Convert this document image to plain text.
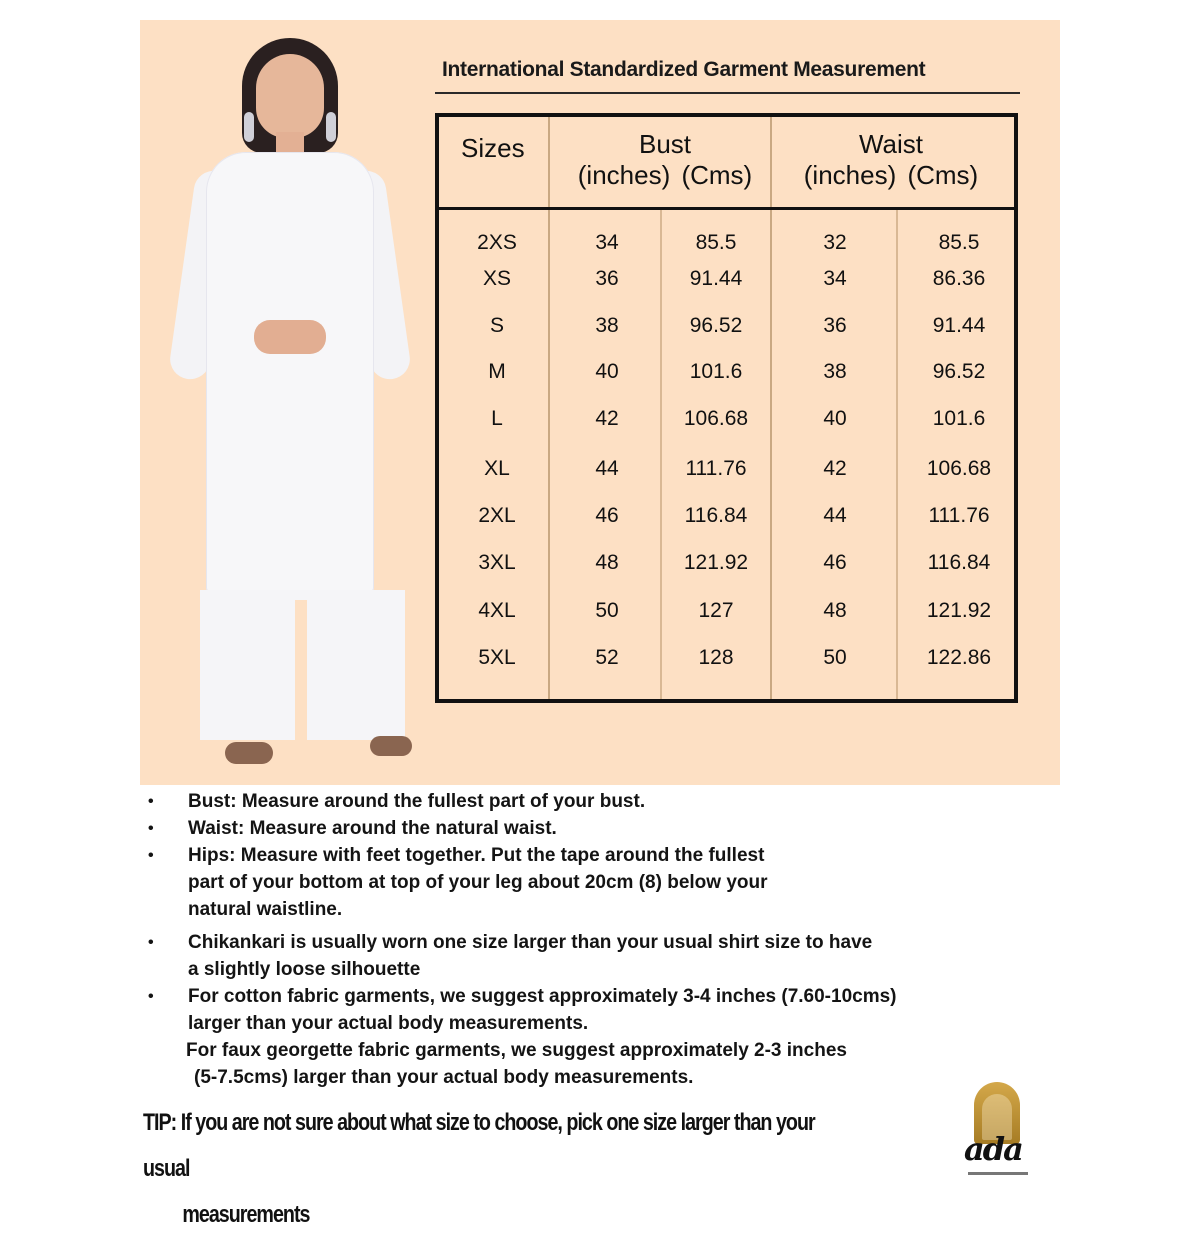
International Standardized Garment Measurement
Sizes	Bust
(inches) (Cms)
Waist
(inches) (Cms)
2XS	34	85.5	32	85.5
XS	36	91.44	34	86.36
S	38	96.52	36	91.44
M	40	101.6	38	96.52
L	42	106.68	40	101.6
XL	44	111.76	42	106.68
2XL	46	116.84	44	111.76
3XL	48	121.92	46	116.84
4XL	50	127	48	121.92
5XL	52	128	50	122.86
•	Bust: Measure around the fullest part of your bust.
•	Waist: Measure around the natural waist.
•	Hips: Measure with feet together. Put the tape around the fullest
part of your bottom at top of your leg about 20cm (8) below your
natural waistline.
•	Chikankari is usually worn one size larger than your usual shirt size to have
a slightly loose silhouette
•	For cotton fabric garments, we suggest approximately 3-4 inches (7.60-10cms)
larger than your actual body measurements.
For faux georgette fabric garments, we suggest approximately 2-3 inches
(5-7.5cms) larger than your actual body measurements.
TIP: If you are not sure about what size to choose, pick one size larger than your usual
measurements
ada
